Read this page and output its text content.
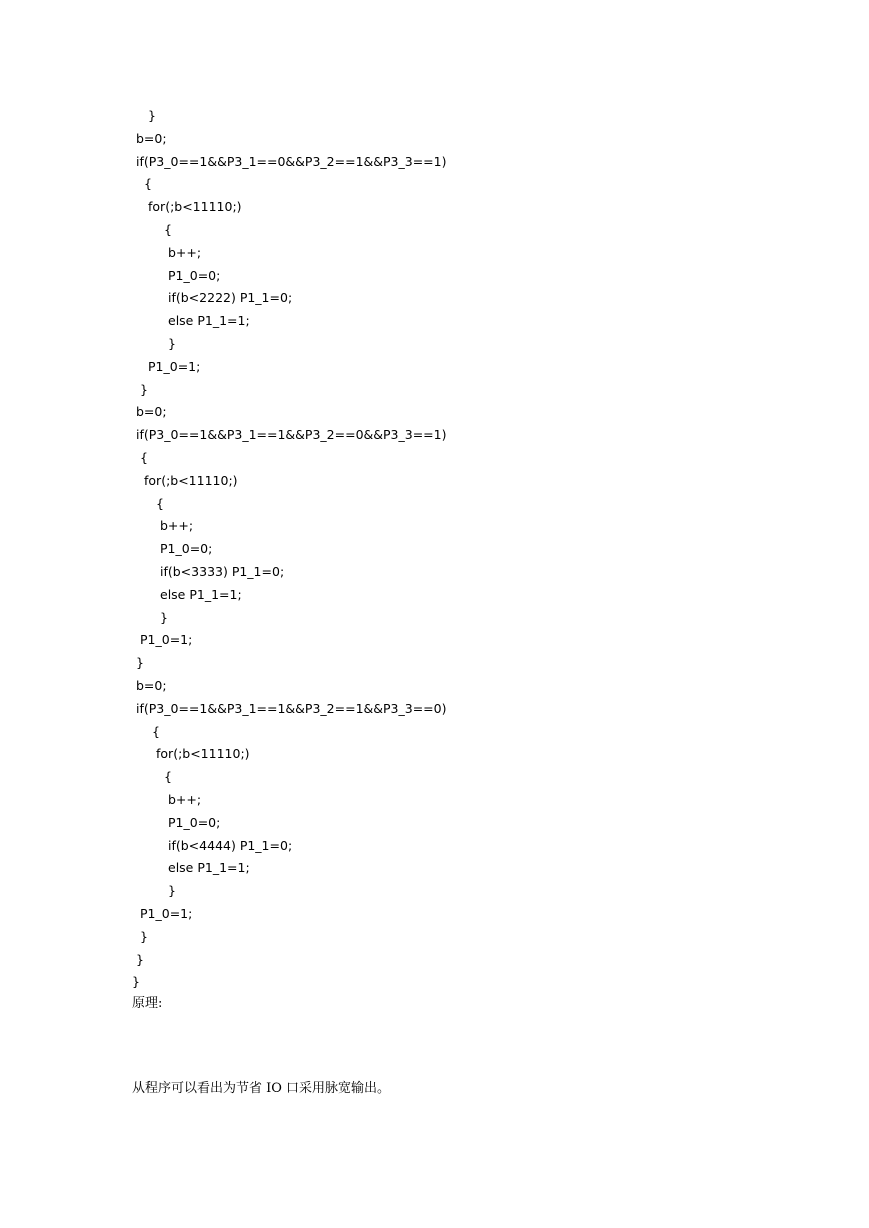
}
b=0;
if(P3_0==1&&P3_1==0&&P3_2==1&&P3_3==1)
{
for(;b<11110;)
{
b++;
P1_0=0;
if(b<2222) P1_1=0;
else P1_1=1;
}
P1_0=1;
}
b=0;
if(P3_0==1&&P3_1==1&&P3_2==0&&P3_3==1)
{
for(;b<11110;)
{
b++;
P1_0=0;
if(b<3333) P1_1=0;
else P1_1=1;
}
P1_0=1;
}
b=0;
if(P3_0==1&&P3_1==1&&P3_2==1&&P3_3==0)
{
for(;b<11110;)
{
b++;
P1_0=0;
if(b<4444) P1_1=0;
else P1_1=1;
}
P1_0=1;
}
}
}
原理:
从程序可以看出为节省 IO 口采用脉宽输出。
